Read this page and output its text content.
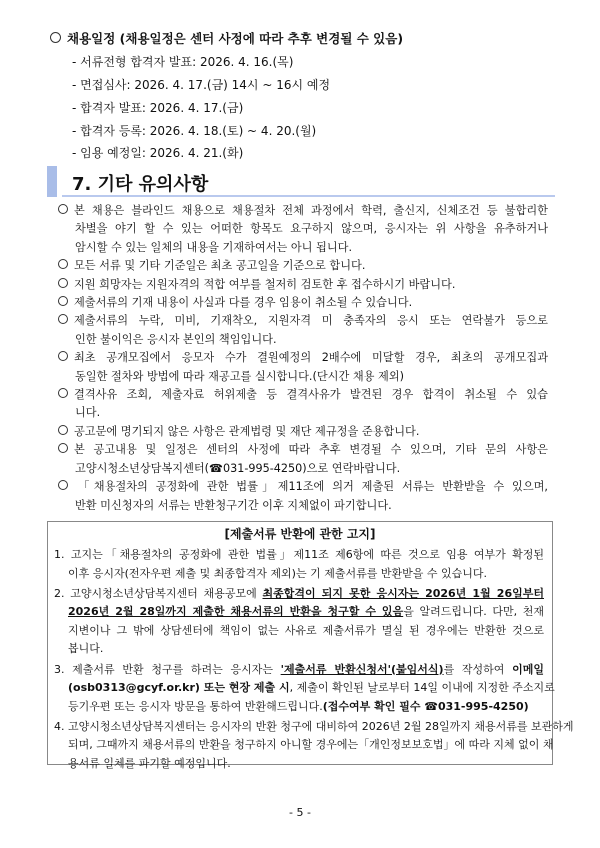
채용일정 (채용일정은 센터 사정에 따라 추후 변경될 수 있음)
- 서류전형 합격자 발표: 2026. 4. 16.(목)
- 면접심사: 2026. 4. 17.(금) 14시 ~ 16시 예정
- 합격자 발표: 2026. 4. 17.(금)
- 합격자 등록: 2026. 4. 18.(토) ~ 4. 20.(월)
- 임용 예정일: 2026. 4. 21.(화)
7. 기타 유의사항
본 채용은 블라인드 채용으로 채용절차 전체 과정에서 학력, 출신지, 신체조건 등 불합리한
차별을 야기 할 수 있는 어떠한 항목도 요구하지 않으며, 응시자는 위 사항을 유추하거나
암시할 수 있는 일체의 내용을 기재하여서는 아니 됩니다.
모든 서류 및 기타 기준일은 최초 공고일을 기준으로 합니다.
지원 희망자는 지원자격의 적합 여부를 철저히 검토한 후 접수하시기 바랍니다.
제출서류의 기재 내용이 사실과 다를 경우 임용이 취소될 수 있습니다.
제출서류의 누락, 미비, 기재착오, 지원자격 미 충족자의 응시 또는 연락불가 등으로
인한 불이익은 응시자 본인의 책임입니다.
최초 공개모집에서 응모자 수가 결원예정의 2배수에 미달할 경우, 최초의 공개모집과
동일한 절차와 방법에 따라 재공고를 실시합니다.(단시간 채용 제외)
결격사유 조회, 제출자료 허위제출 등 결격사유가 발견된 경우 합격이 취소될 수 있습
니다.
공고문에 명기되지 않은 사항은 관계법령 및 재단 제규정을 준용합니다.
본 공고내용 및 일정은 센터의 사정에 따라 추후 변경될 수 있으며, 기타 문의 사항은
고양시청소년상담복지센터(☎031-995-4250)으로 연락바랍니다.
「채용절차의 공정화에 관한 법률」제11조에 의거 제출된 서류는 반환받을 수 있으며,
반환 미신청자의 서류는 반환청구기간 이후 지체없이 파기합니다.
[제출서류 반환에 관한 고지]
1. 고지는「채용절차의 공정화에 관한 법률」제11조 제6항에 따른 것으로 임용 여부가 확정된
이후 응시자(전자우편 제출 및 최종합격자 제외)는 기 제출서류를 반환받을 수 있습니다.
2. 고양시청소년상담복지센터 채용공모에 최종합격이 되지 못한 응시자는 2026년 1월 26일부터
2026년 2월 28일까지 제출한 채용서류의 반환을 청구할 수 있음을 알려드립니다. 다만, 천재
지변이나 그 밖에 상담센터에 책임이 없는 사유로 제출서류가 멸실 된 경우에는 반환한 것으로
봅니다.
3. 제출서류 반환 청구를 하려는 응시자는 '제출서류 반환신청서'(붙임서식)를 작성하여 이메일
(osb0313@gcyf.or.kr) 또는 현장 제출 시, 제출이 확인된 날로부터 14일 이내에 지정한 주소지로
등기우편 또는 응시자 방문을 통하여 반환해드립니다.(접수여부 확인 필수 ☎031-995-4250)
4. 고양시청소년상담복지센터는 응시자의 반환 청구에 대비하여 2026년 2월 28일까지 채용서류를 보관하게
되며, 그때까지 채용서류의 반환을 청구하지 아니할 경우에는「개인정보보호법」에 따라 지체 없이 채
용서류 일체를 파기할 예정입니다.
- 5 -
